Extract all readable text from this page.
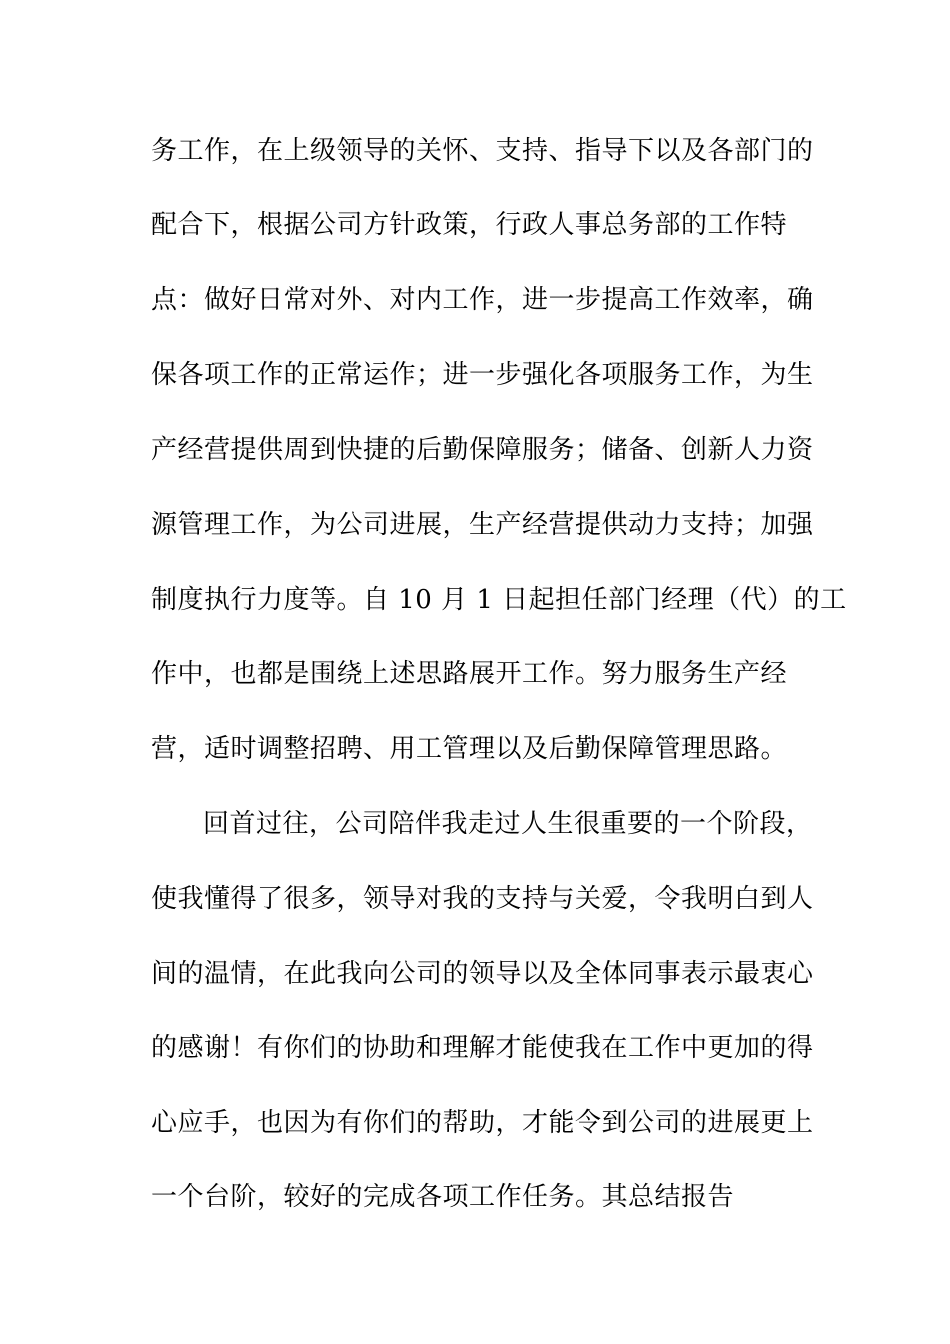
务工作，在上级领导的关怀、支持、指导下以及各部门的
配合下，根据公司方针政策，行政人事总务部的工作特
点：做好日常对外、对内工作，进一步提高工作效率，确
保各项工作的正常运作；进一步强化各项服务工作，为生
产经营提供周到快捷的后勤保障服务；储备、创新人力资
源管理工作，为公司进展，生产经营提供动力支持；加强
制度执行力度等。自 10 月 1 日起担任部门经理（代）的工
作中，也都是围绕上述思路展开工作。努力服务生产经
营，适时调整招聘、用工管理以及后勤保障管理思路。
回首过往，公司陪伴我走过人生很重要的一个阶段，
使我懂得了很多，领导对我的支持与关爱，令我明白到人
间的温情，在此我向公司的领导以及全体同事表示最衷心
的感谢！有你们的协助和理解才能使我在工作中更加的得
心应手，也因为有你们的帮助，才能令到公司的进展更上
一个台阶，较好的完成各项工作任务。其总结报告
